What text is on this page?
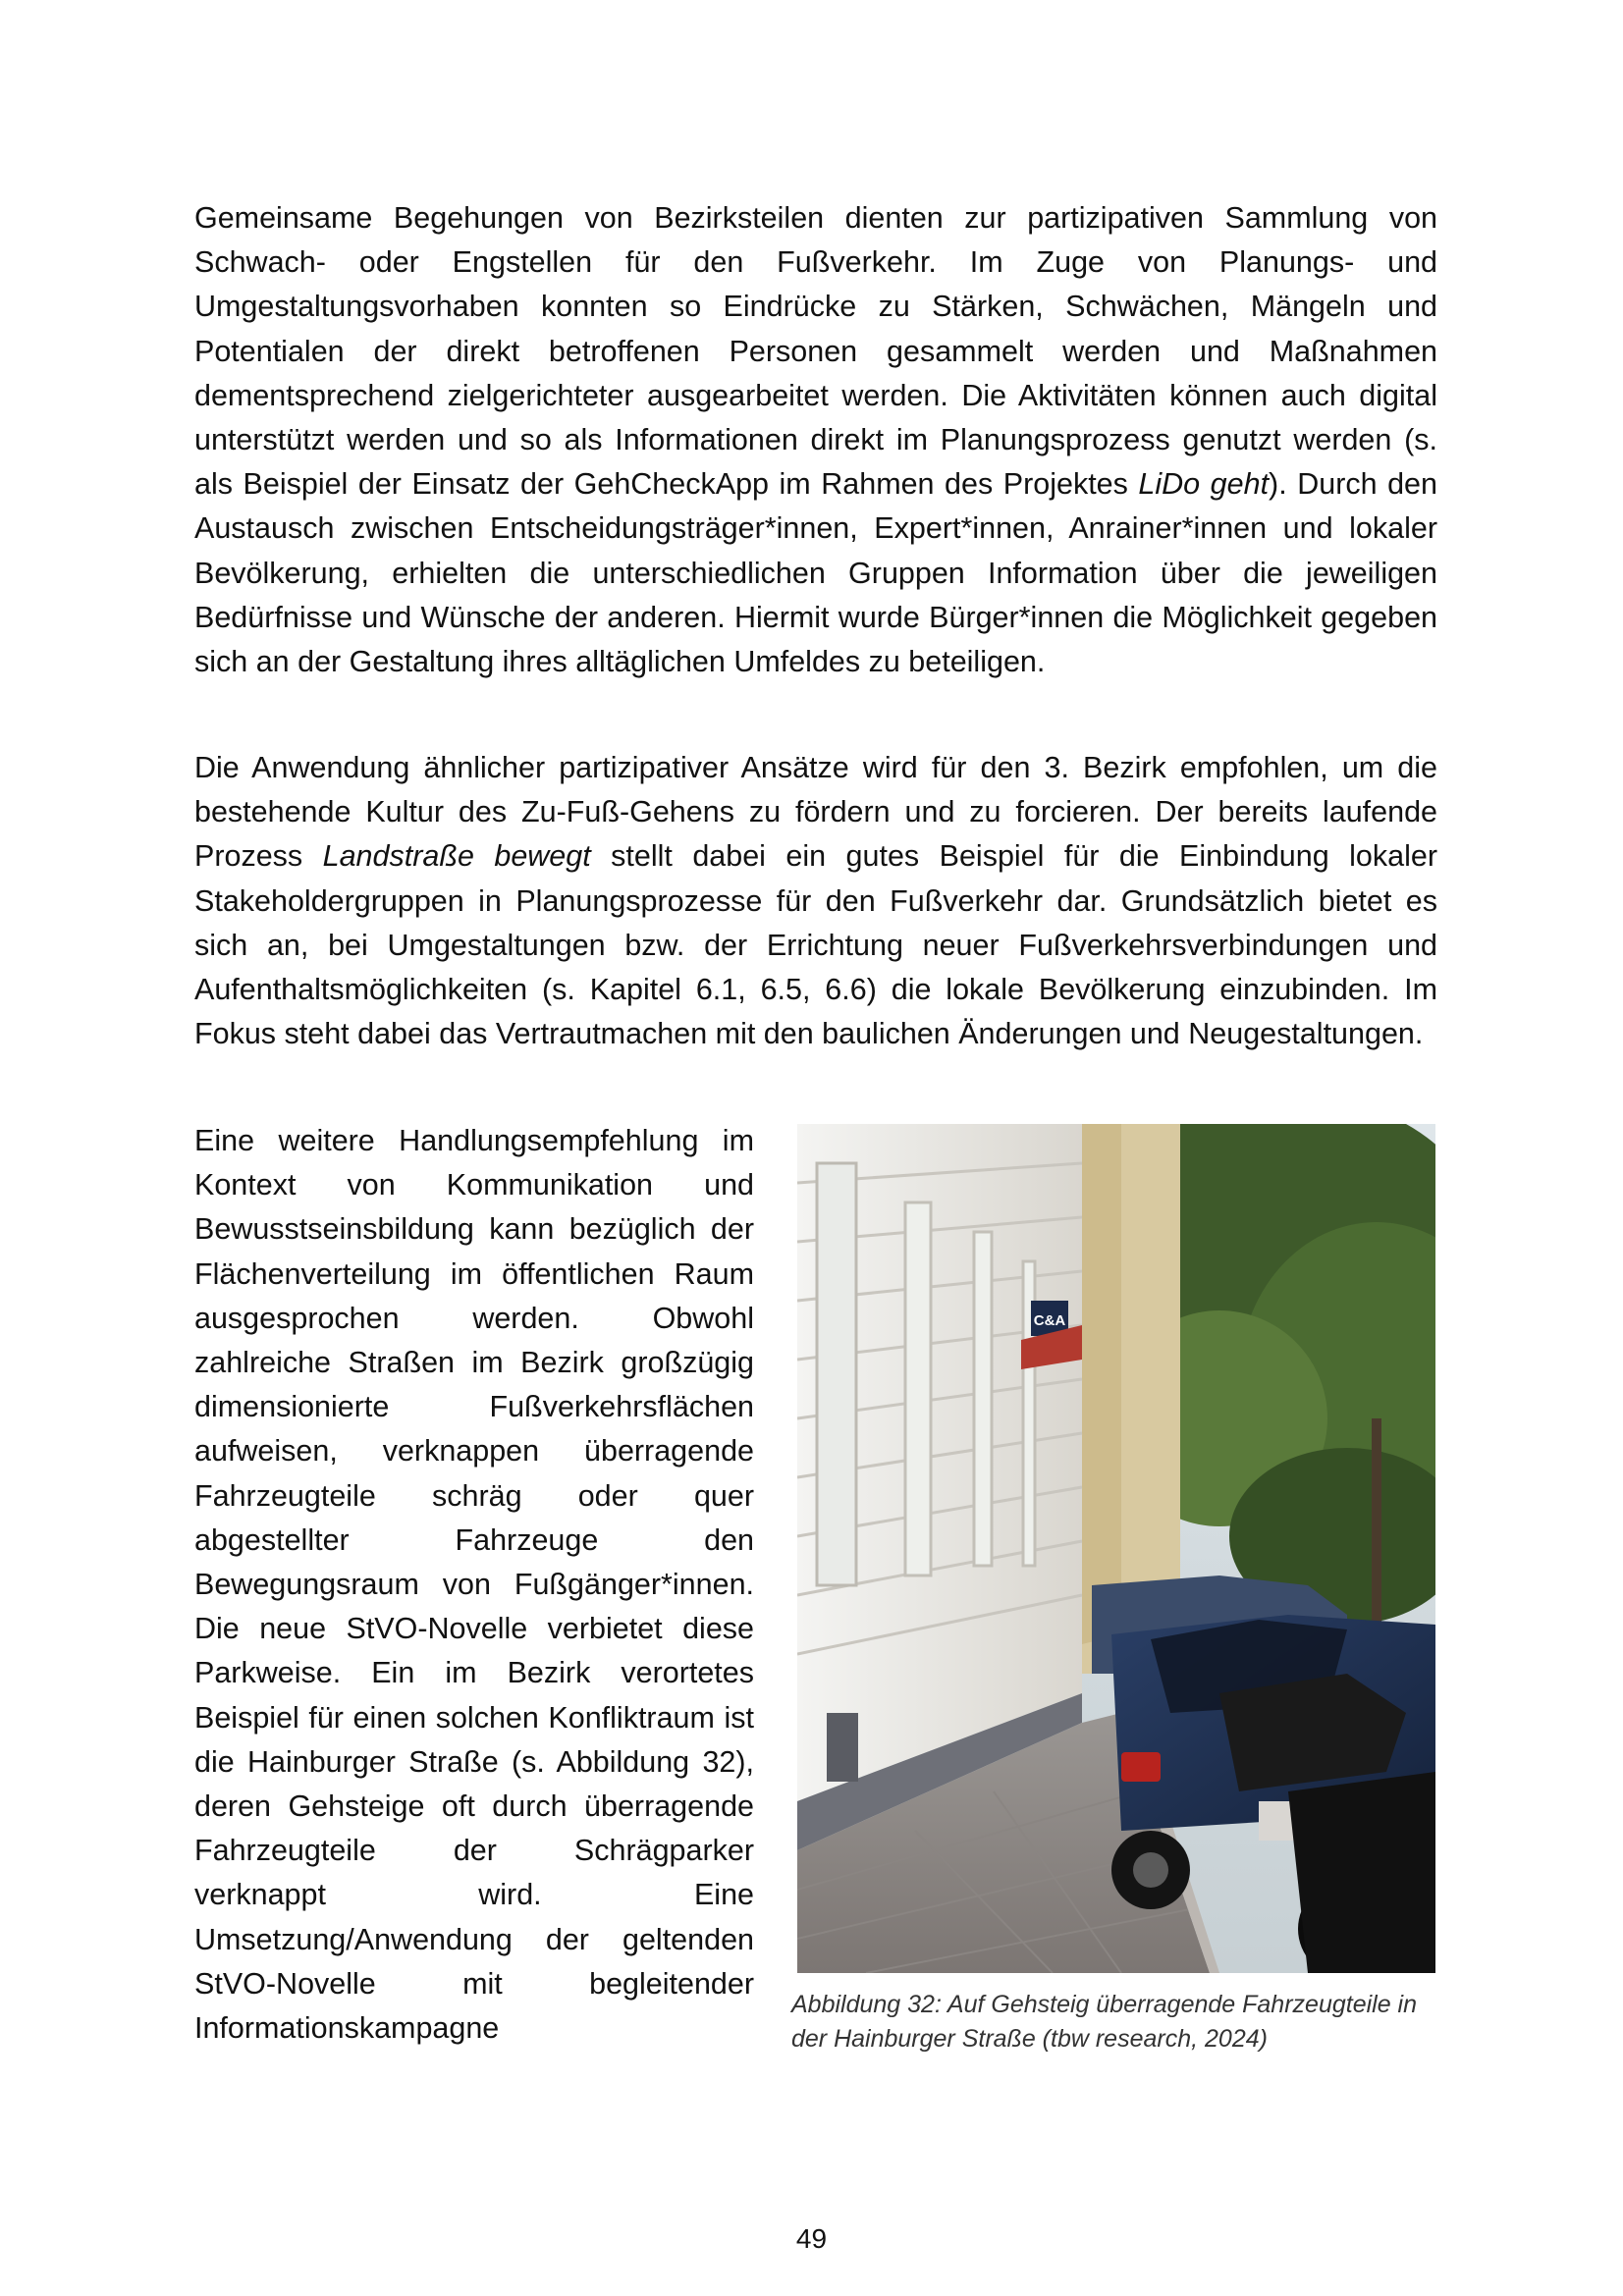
Gemeinsame Begehungen von Bezirksteilen dienten zur partizipativen Sammlung von Schwach- oder Engstellen für den Fußverkehr. Im Zuge von Planungs- und Umgestaltungsvorhaben konnten so Eindrücke zu Stärken, Schwächen, Mängeln und Potentialen der direkt betroffenen Personen gesammelt werden und Maßnahmen dementsprechend zielgerichteter ausgearbeitet werden. Die Aktivitäten können auch digital unterstützt werden und so als Informationen direkt im Planungsprozess genutzt werden (s. als Beispiel der Einsatz der GehCheckApp im Rahmen des Projektes LiDo geht). Durch den Austausch zwischen Entscheidungsträger*innen, Expert*innen, Anrainer*innen und lokaler Bevölkerung, erhielten die unterschiedlichen Gruppen Information über die jeweiligen Bedürfnisse und Wünsche der anderen. Hiermit wurde Bürger*innen die Möglichkeit gegeben sich an der Gestaltung ihres alltäglichen Umfeldes zu beteiligen.

Die Anwendung ähnlicher partizipativer Ansätze wird für den 3. Bezirk empfohlen, um die bestehende Kultur des Zu-Fuß-Gehens zu fördern und zu forcieren. Der bereits laufende Prozess Landstraße bewegt stellt dabei ein gutes Beispiel für die Einbindung lokaler Stakeholdergruppen in Planungsprozesse für den Fußverkehr dar. Grundsätzlich bietet es sich an, bei Umgestaltungen bzw. der Errichtung neuer Fußverkehrsverbindungen und Aufenthaltsmöglichkeiten (s. Kapitel 6.1, 6.5, 6.6) die lokale Bevölkerung einzubinden. Im Fokus steht dabei das Vertrautmachen mit den baulichen Änderungen und Neugestaltungen.

Eine weitere Handlungsempfehlung im Kontext von Kommunikation und Bewusstseinsbildung kann bezüglich der Flächenverteilung im öffentlichen Raum ausgesprochen werden. Obwohl zahlreiche Straßen im Bezirk großzügig dimensionierte Fußverkehrsflächen aufweisen, verknappen überragende Fahrzeugteile schräg oder quer abgestellter Fahrzeuge den Bewegungsraum von Fußgänger*innen. Die neue StVO-Novelle verbietet diese Parkweise. Ein im Bezirk verortetes Beispiel für einen solchen Konfliktraum ist die Hainburger Straße (s. Abbildung 32), deren Gehsteige oft durch überragende Fahrzeugteile der Schrägparker verknappt wird. Eine Umsetzung/Anwendung der geltenden StVO-Novelle mit begleitender Informationskampagne

C&A

Abbildung 32: Auf Gehsteig überragende Fahrzeugteile in der Hainburger Straße (tbw research, 2024)

49
